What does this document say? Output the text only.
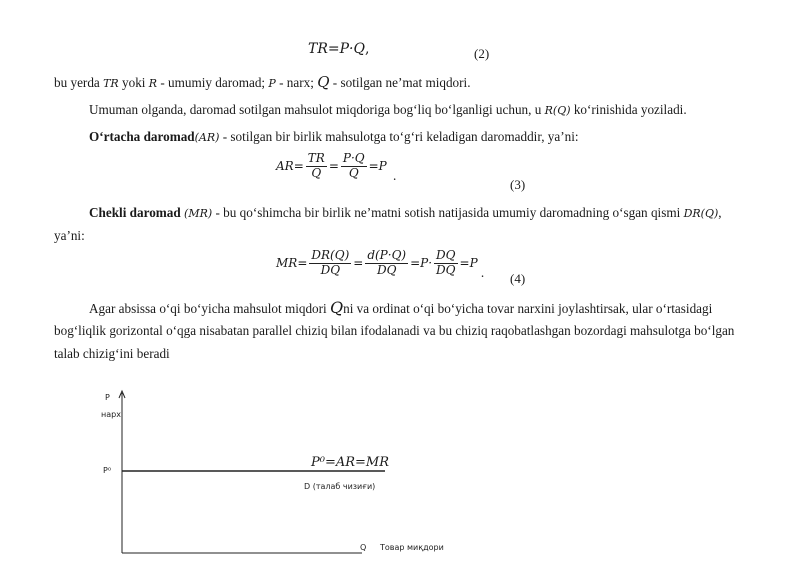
TR=P·Q,	(2)
bu yerda TR yoki R - umumiy daromad; P - narx; Q - sotilgan ne’mat miqdori.
Umuman olganda, daromad sotilgan mahsulot miqdoriga bog‘liq bo‘lganligi uchun, u R(Q) ko‘rinishida yoziladi.
O‘rtacha daromad(AR) - sotilgan bir birlik mahsulotga to‘g‘ri keladigan daromaddir, ya’ni:
AR = $\frac{TR}{Q} = \frac{P\cdot Q}{Q} = P$
.
(3)
Chekli daromad (MR) - bu qo‘shimcha bir birlik ne’matni sotish natijasida umumiy daromadning o‘sgan qismi DR(Q),
ya’ni:
MR = $\frac{DR(Q)}{DQ} = \frac{d(P\cdot Q)}{DQ} = P\cdot \frac{DQ}{DQ} = P$
. (4)
Agar absissa o‘qi bo‘yicha mahsulot miqdori Qni va ordinat o‘qi bo‘yicha tovar narxini joylashtirsak, ular o‘rtasidagi
bog‘liqlik gorizontal o‘qga nisabatan parallel chiziq bilan ifodalanadi va bu chiziq raqobatlashgan bozordagi mahsulotga bo‘lgan
talab chizig‘ini beradi
P
нарх
P⁰
P⁰=AR=MR
D (талаб чизиғи)
Q Товар миқдори
